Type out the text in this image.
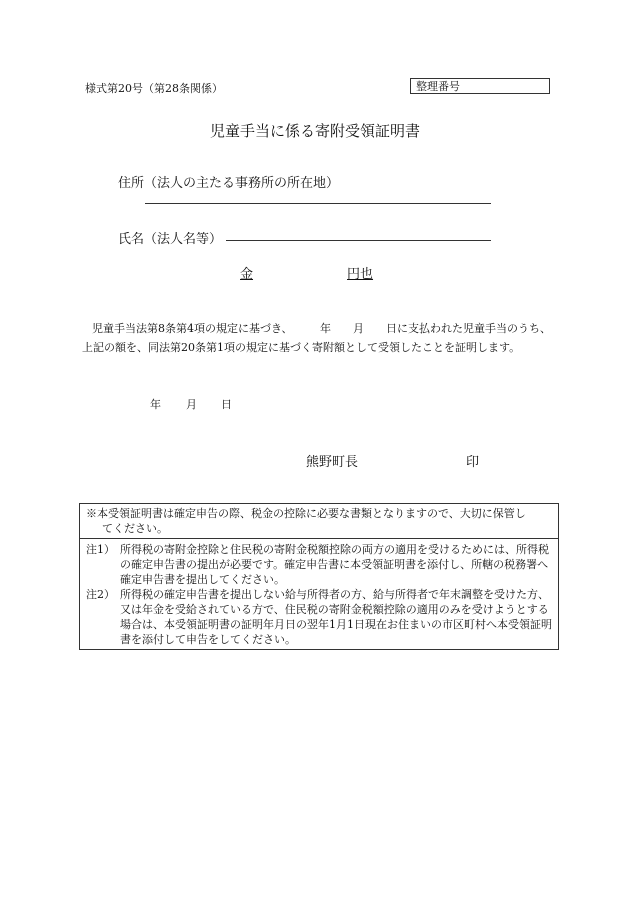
様式第20号（第28条関係）	整理番号
児童手当に係る寄附受領証明書
住所（法人の主たる事務所の所在地）
氏名（法人名等）
金	円也
児童手当法第8条第4項の規定に基づき、　　　年　　月　　日に支払われた児童手当のうち、上記の額を、同法第20条第1項の規定に基づく寄附額として受領したことを証明します。
年 月 日
熊野町長	印
※本受領証明書は確定申告の際、税金の控除に必要な書類となりますので、大切に保管し
てください。
注1） 所得税の寄附金控除と住民税の寄附金税額控除の両方の適用を受けるためには、所得税の確定申告書の提出が必要です。確定申告書に本受領証明書を添付し、所轄の税務署へ確定申告書を提出してください。
注2） 所得税の確定申告書を提出しない給与所得者の方、給与所得者で年末調整を受けた方、又は年金を受給されている方で、住民税の寄附金税額控除の適用のみを受けようとする場合は、本受領証明書の証明年月日の翌年1月1日現在お住まいの市区町村へ本受領証明書を添付して申告をしてください。
